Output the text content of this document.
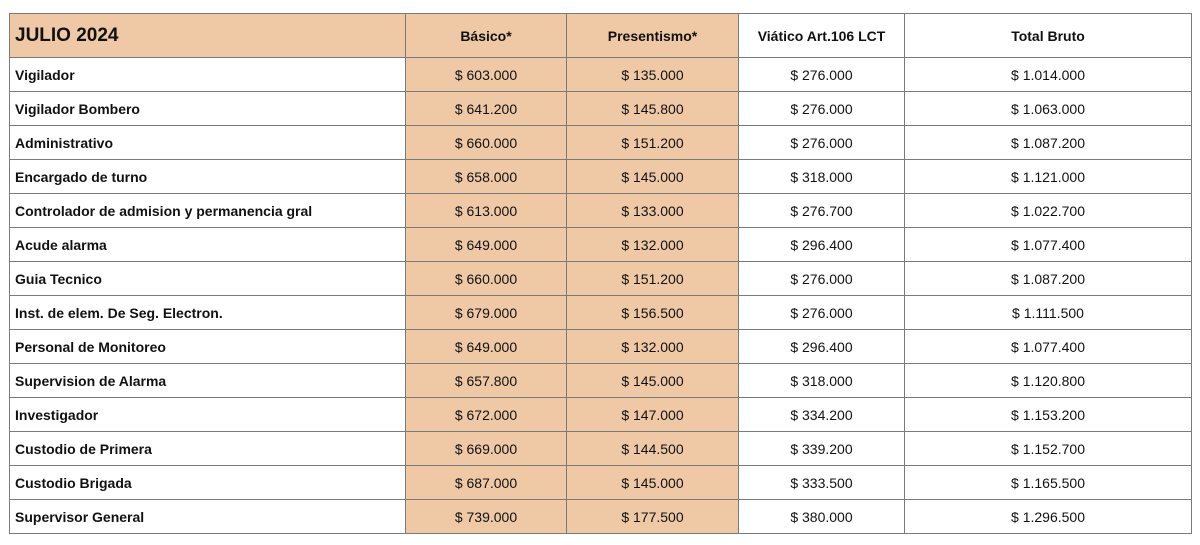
JULIO 2024	Básico*	Presentismo*	Viático Art.106 LCT	Total Bruto
Vigilador	$ 603.000	$ 135.000	$ 276.000	$ 1.014.000
Vigilador Bombero	$ 641.200	$ 145.800	$ 276.000	$ 1.063.000
Administrativo	$ 660.000	$ 151.200	$ 276.000	$ 1.087.200
Encargado de turno	$ 658.000	$ 145.000	$ 318.000	$ 1.121.000
Controlador de admision y permanencia gral	$ 613.000	$ 133.000	$ 276.700	$ 1.022.700
Acude alarma	$ 649.000	$ 132.000	$ 296.400	$ 1.077.400
Guia Tecnico	$ 660.000	$ 151.200	$ 276.000	$ 1.087.200
Inst. de elem. De Seg. Electron.	$ 679.000	$ 156.500	$ 276.000	$ 1.111.500
Personal de Monitoreo	$ 649.000	$ 132.000	$ 296.400	$ 1.077.400
Supervision de Alarma	$ 657.800	$ 145.000	$ 318.000	$ 1.120.800
Investigador	$ 672.000	$ 147.000	$ 334.200	$ 1.153.200
Custodio de Primera	$ 669.000	$ 144.500	$ 339.200	$ 1.152.700
Custodio Brigada	$ 687.000	$ 145.000	$ 333.500	$ 1.165.500
Supervisor General	$ 739.000	$ 177.500	$ 380.000	$ 1.296.500
